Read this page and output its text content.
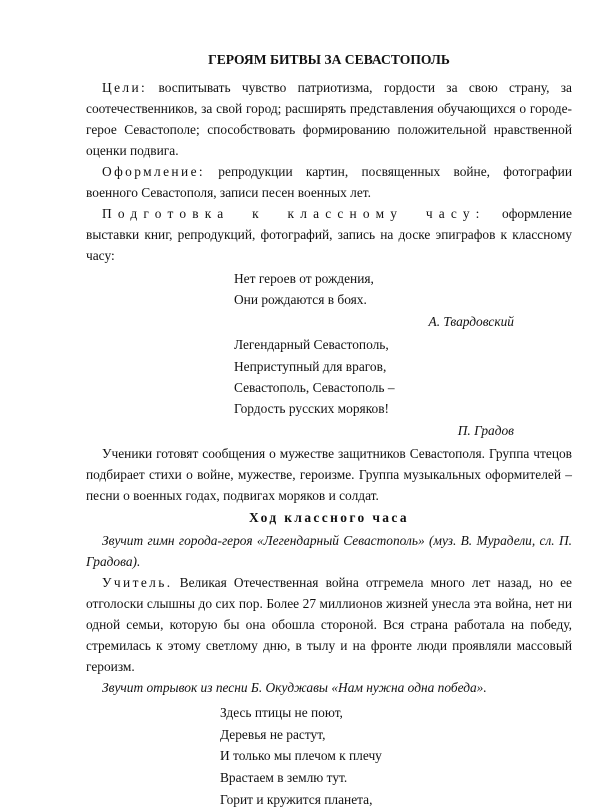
ГЕРОЯМ БИТВЫ ЗА СЕВАСТОПОЛЬ

Цели: воспитывать чувство патриотизма, гордости за свою страну, за соотечественников, за свой город; расширять представления обучающихся о городе-герое Севастополе; способствовать формированию положительной нравственной оценки подвига.

Оформление: репродукции картин, посвященных войне, фотографии военного Севастополя, записи песен военных лет.

Подготовка к классному часу: оформление выставки книг, репродукций, фотографий, запись на доске эпиграфов к классному часу:

Нет героев от рождения,
Они рождаются в боях.
А. Твардовский
Легендарный Севастополь,
Неприступный для врагов,
Севастополь, Севастополь –
Гордость русских моряков!
П. Градов

Ученики готовят сообщения о мужестве защитников Севастополя. Группа чтецов подбирает стихи о войне, мужестве, героизме. Группа музыкальных оформителей – песни о военных годах, подвигах моряков и солдат.

Ход классного часа

Звучит гимн города-героя «Легендарный Севастополь» (муз. В. Мурадели, сл. П. Градова).

Учитель. Великая Отечественная война отгремела много лет назад, но ее отголоски слышны до сих пор. Более 27 миллионов жизней унесла эта война, нет ни одной семьи, которую бы она обошла стороной. Вся страна работала на победу, стремилась к этому светлому дню, в тылу и на фронте люди проявляли массовый героизм.

Звучит отрывок из песни Б. Окуджавы «Нам нужна одна победа».

Здесь птицы не поют,
Деревья не растут,
И только мы плечом к плечу
Врастаем в землю тут.
Горит и кружится планета,
